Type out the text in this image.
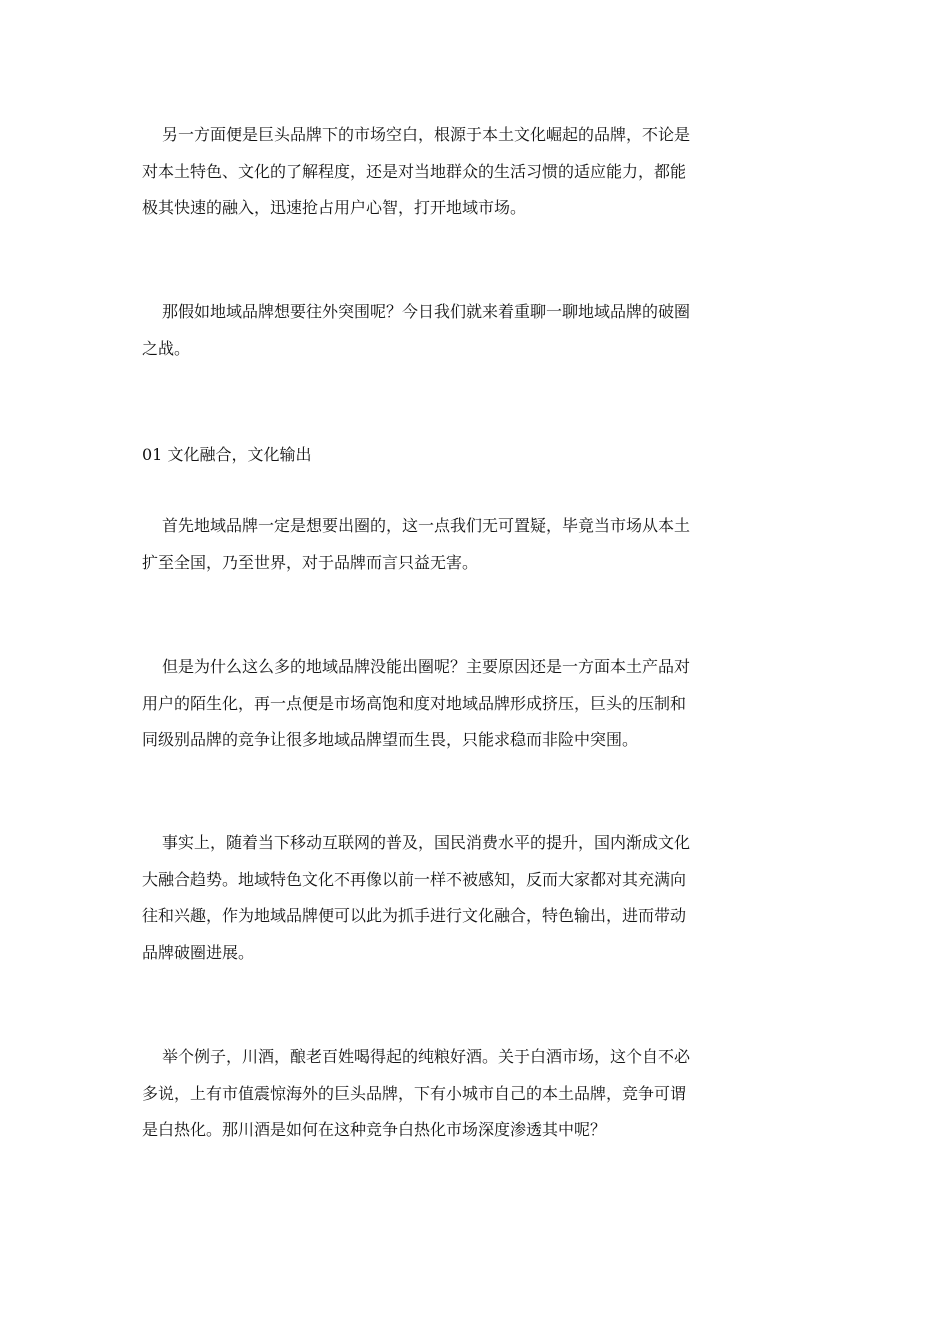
另一方面便是巨头品牌下的市场空白，根源于本土文化崛起的品牌，不论是
对本土特色、文化的了解程度，还是对当地群众的生活习惯的适应能力，都能
极其快速的融入，迅速抢占用户心智，打开地域市场。
那假如地域品牌想要往外突围呢？今日我们就来着重聊一聊地域品牌的破圈
之战。
01 文化融合，文化输出
首先地域品牌一定是想要出圈的，这一点我们无可置疑，毕竟当市场从本土
扩至全国，乃至世界，对于品牌而言只益无害。
但是为什么这么多的地域品牌没能出圈呢？主要原因还是一方面本土产品对
用户的陌生化，再一点便是市场高饱和度对地域品牌形成挤压，巨头的压制和
同级别品牌的竞争让很多地域品牌望而生畏，只能求稳而非险中突围。
事实上，随着当下移动互联网的普及，国民消费水平的提升，国内渐成文化
大融合趋势。地域特色文化不再像以前一样不被感知，反而大家都对其充满向
往和兴趣，作为地域品牌便可以此为抓手进行文化融合，特色输出，进而带动
品牌破圈进展。
举个例子，川酒，酿老百姓喝得起的纯粮好酒。关于白酒市场，这个自不必
多说，上有市值震惊海外的巨头品牌，下有小城市自己的本土品牌，竞争可谓
是白热化。那川酒是如何在这种竞争白热化市场深度渗透其中呢？
